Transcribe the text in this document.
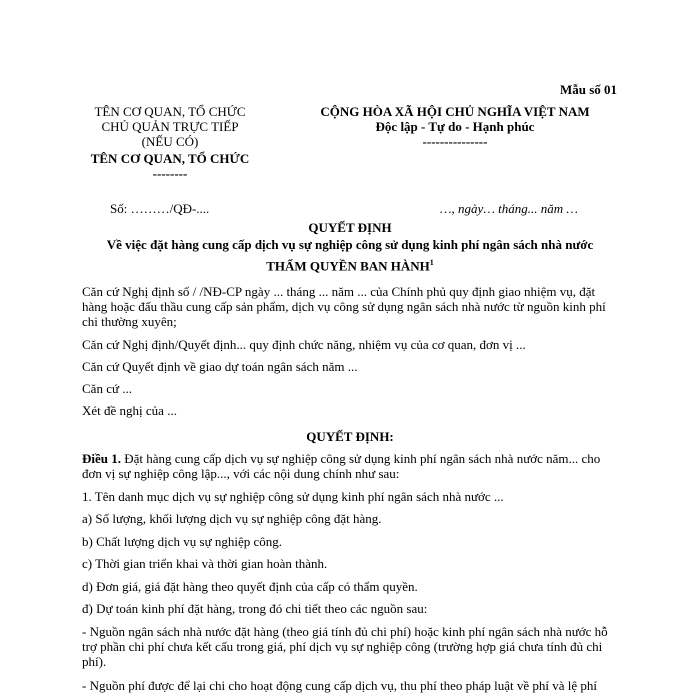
Mẫu số 01
TÊN CƠ QUAN, TỔ CHỨC
CHỦ QUẢN TRỰC TIẾP
(NẾU CÓ)
TÊN CƠ QUAN, TỔ CHỨC
--------
CỘNG HÒA XÃ HỘI CHỦ NGHĨA VIỆT NAM
Độc lập - Tự do - Hạnh phúc
---------------
Số: ………/QĐ-....	…, ngày… tháng... năm …
QUYẾT ĐỊNH
Về việc đặt hàng cung cấp dịch vụ sự nghiệp công sử dụng kinh phí ngân sách nhà nước
THẨM QUYỀN BAN HÀNH$^1$
Căn cứ Nghị định số / /NĐ-CP ngày ... tháng ... năm ... của Chính phủ quy định giao nhiệm vụ, đặt hàng hoặc đấu thầu cung cấp sản phẩm, dịch vụ công sử dụng ngân sách nhà nước từ nguồn kinh phí chi thường xuyên;
Căn cứ Nghị định/Quyết định... quy định chức năng, nhiệm vụ của cơ quan, đơn vị ...
Căn cứ Quyết định về giao dự toán ngân sách năm ...
Căn cứ ...
Xét đề nghị của ...
QUYẾT ĐỊNH:
Điều 1. Đặt hàng cung cấp dịch vụ sự nghiệp công sử dụng kinh phí ngân sách nhà nước năm... cho đơn vị sự nghiệp công lập..., với các nội dung chính như sau:
1. Tên danh mục dịch vụ sự nghiệp công sử dụng kinh phí ngân sách nhà nước ...
a) Số lượng, khối lượng dịch vụ sự nghiệp công đặt hàng.
b) Chất lượng dịch vụ sự nghiệp công.
c) Thời gian triển khai và thời gian hoàn thành.
d) Đơn giá, giá đặt hàng theo quyết định của cấp có thẩm quyền.
đ) Dự toán kinh phí đặt hàng, trong đó chi tiết theo các nguồn sau:
- Nguồn ngân sách nhà nước đặt hàng (theo giá tính đủ chi phí) hoặc kinh phí ngân sách nhà nước hỗ trợ phần chi phí chưa kết cấu trong giá, phí dịch vụ sự nghiệp công (trường hợp giá chưa tính đủ chi phí).
- Nguồn phí được để lại chi cho hoạt động cung cấp dịch vụ, thu phí theo pháp luật về phí và lệ phí
